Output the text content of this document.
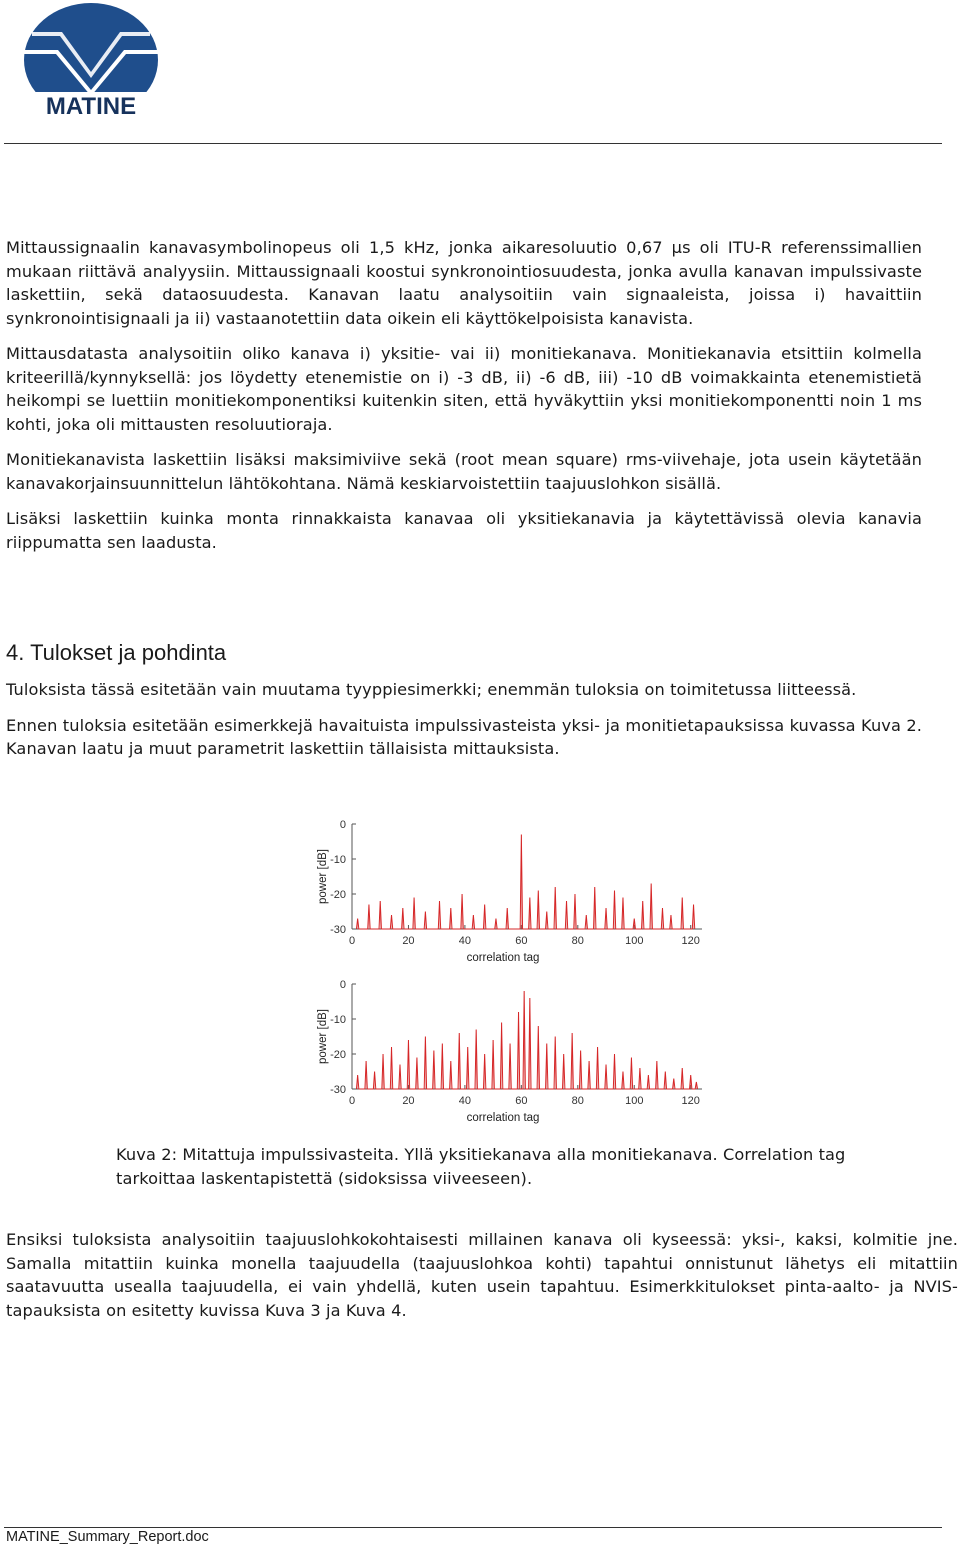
MATINE

Mittaussignaalin kanavasymbolinopeus oli 1,5 kHz, jonka aikaresoluutio 0,67 µs oli ITU-R referenssimallien mukaan riittävä analyysiin. Mittaussignaali koostui synkronointiosuudesta, jonka avulla kanavan impulssivaste laskettiin, sekä dataosuudesta. Kanavan laatu analysoitiin vain signaaleista, joissa i) havaittiin synkronointisignaali ja ii) vastaanotettiin data oikein eli käyttökelpoisista kanavista.

Mittausdatasta analysoitiin oliko kanava i) yksitie- vai ii) monitiekanava. Monitiekanavia etsittiin kolmella kriteerillä/kynnyksellä: jos löydetty etenemistie on i) -3 dB, ii) -6 dB, iii) -10 dB voimakkainta etenemistietä heikompi se luettiin monitiekomponentiksi kuitenkin siten, että hyväkyttiin yksi monitiekomponentti noin 1 ms kohti, joka oli mittausten resoluutioraja.

Monitiekanavista laskettiin lisäksi maksimiviive sekä (root mean square) rms-viivehaje, jota usein käytetään kanavakorjainsuunnittelun lähtökohtana. Nämä keskiarvoistettiin taajuuslohkon sisällä.

Lisäksi laskettiin kuinka monta rinnakkaista kanavaa oli yksitiekanavia ja käytettävissä olevia kanavia riippumatta sen laadusta.

4. Tulokset ja pohdinta

Tuloksista tässä esitetään vain muutama tyyppiesimerkki; enemmän tuloksia on toimitetussa liitteessä.

Ennen tuloksia esitetään esimerkkejä havaituista impulssivasteista yksi- ja monitietapauksissa kuvassa Kuva 2. Kanavan laatu ja muut parametrit laskettiin tällaisista mittauksista.

0
-10
-20
-30
0	20	40	60	80	100	120
correlation tag
power [dB]
0
-10
-20
-30
0	20	40	60	80	100	120
correlation tag
power [dB]

Kuva 2: Mitattuja impulssivasteita. Yllä yksitiekanava alla monitiekanava. Correlation tag tarkoittaa laskentapistettä (sidoksissa viiveeseen).

Ensiksi tuloksista analysoitiin taajuuslohkokohtaisesti millainen kanava oli kyseessä: yksi-, kaksi, kolmitie jne. Samalla mitattiin kuinka monella taajuudella (taajuuslohkoa kohti) tapahtui onnistunut lähetys eli mitattiin saatavuutta usealla taajuudella, ei vain yhdellä, kuten usein tapahtuu. Esimerkkitulokset pinta-aalto- ja NVIS-tapauksista on esitetty kuvissa Kuva 3 ja Kuva 4.

MATINE_Summary_Report.doc
